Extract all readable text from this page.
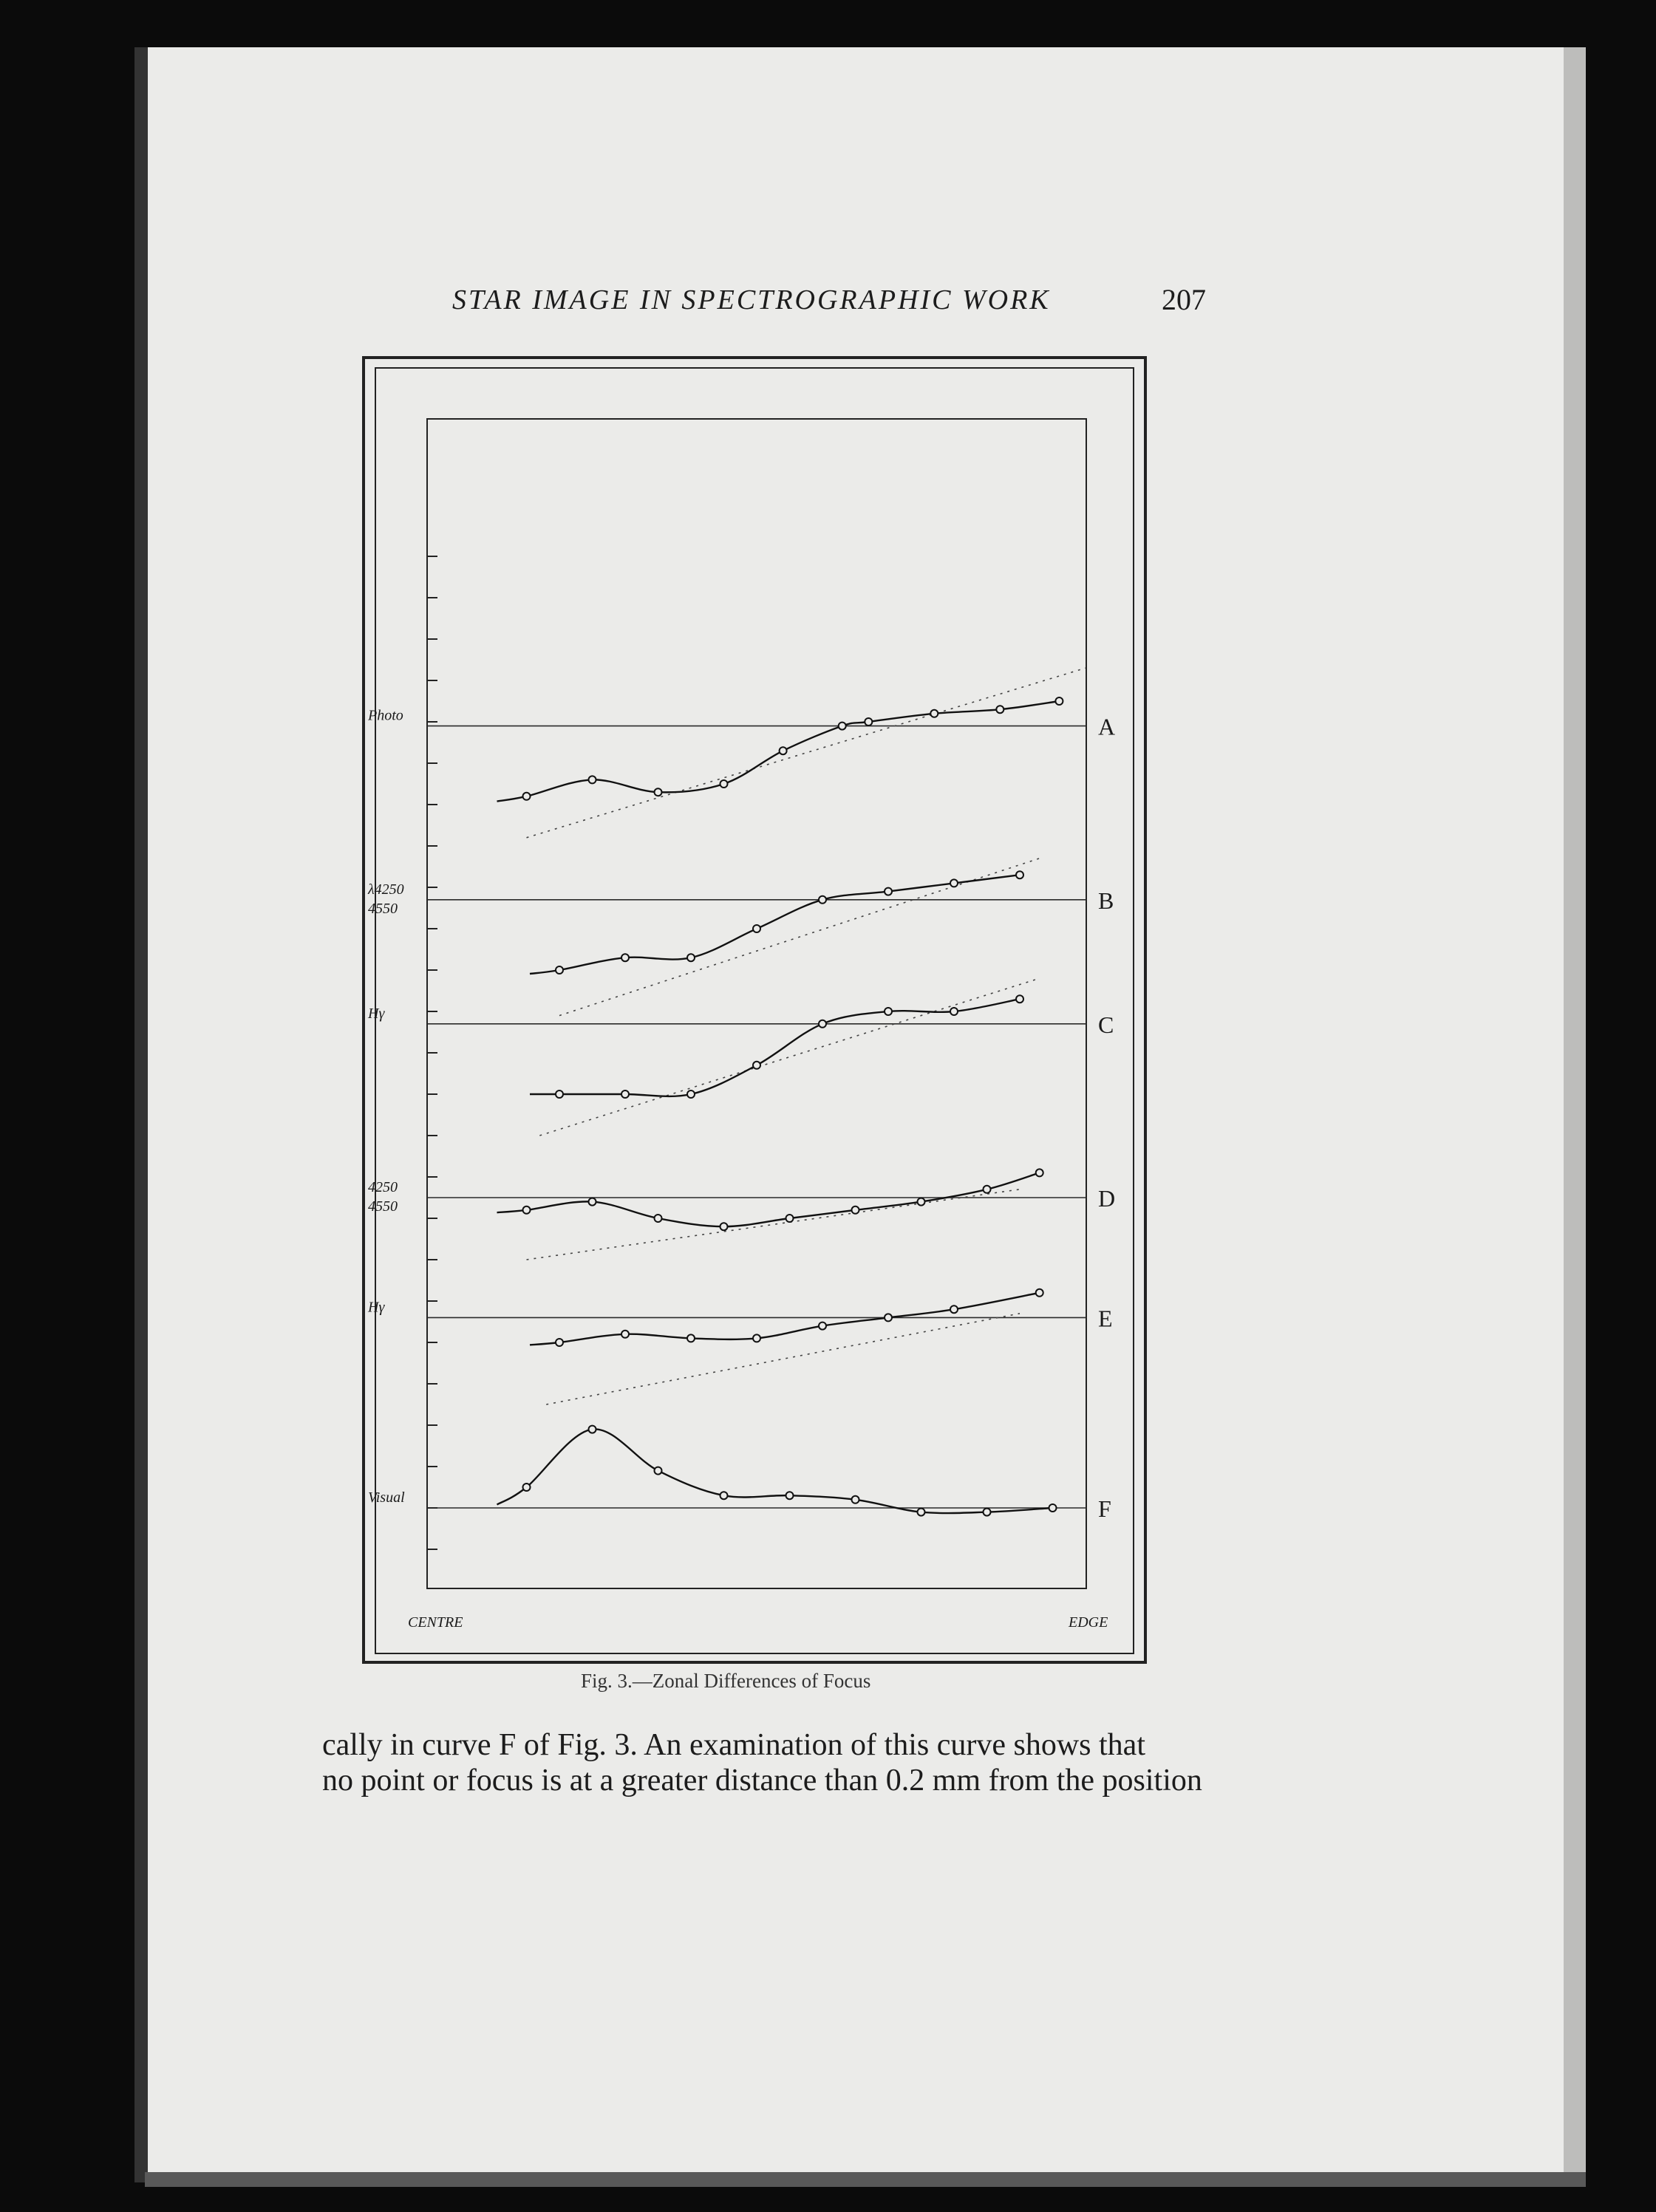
STAR IMAGE IN SPECTROGRAPHIC WORK	207
A
Photo
B
λ4250
4550
C
Hγ
D
4250
4550
E
Hγ
F
Visual
CENTRE	EDGE
Fig. 3.—Zonal Differences of Focus
cally in curve F of Fig. 3. An examination of this curve shows that
no point or focus is at a greater distance than 0.2 mm from the position
